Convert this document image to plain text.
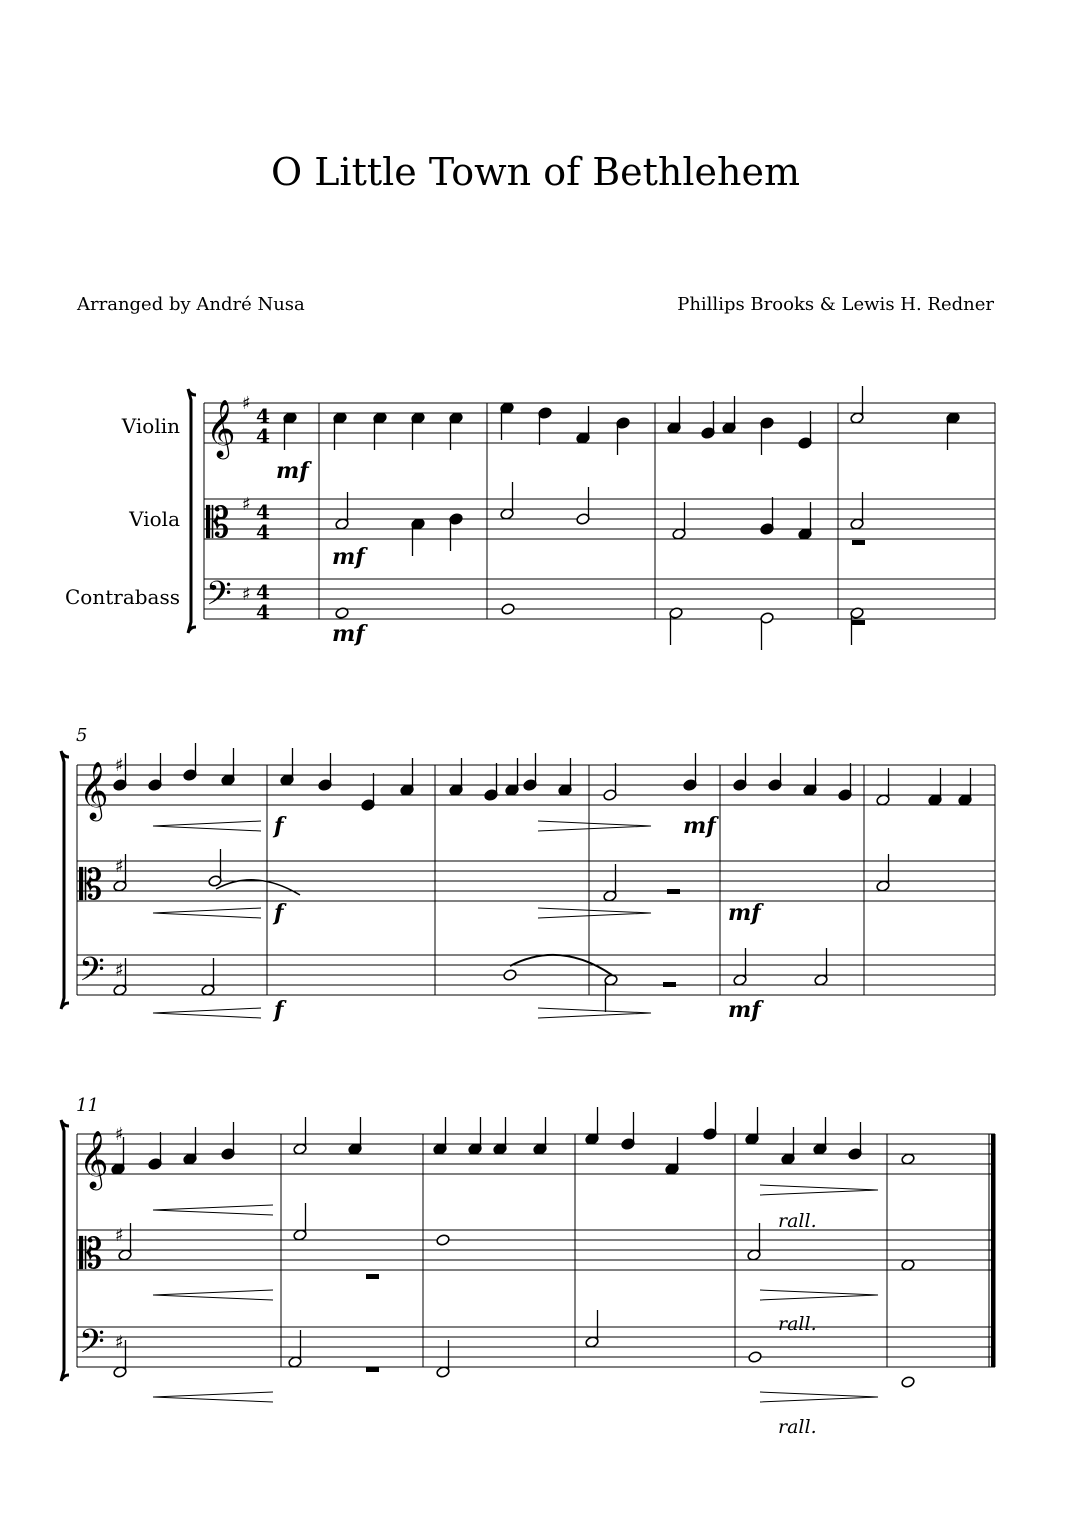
O Little Town of Bethlehem
Arranged by André Nusa	Phillips Brooks & Lewis H. Redner
Violin
Viola
Contrabass
5
11
𝄞
𝄡
𝄢
♯
♯
♯
4
4
4
4
4
4
𝄞
𝄡
𝄢
♯
♯
♯
𝄞
𝄡
𝄢
♯
♯
♯
mf
mf
mf
f	mf
f	mf
f	mf
rall.
rall.
rall.
